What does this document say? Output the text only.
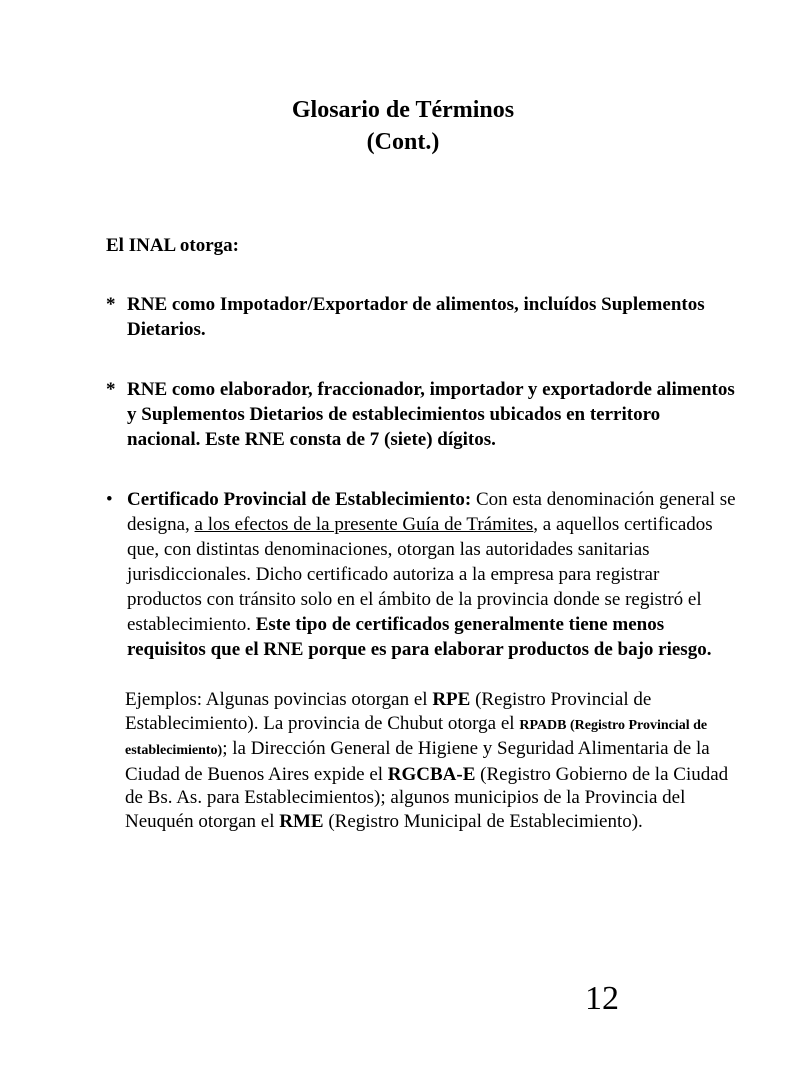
Glosario de Términos
(Cont.)
El INAL otorga:
* RNE como Impotador/Exportador de alimentos, incluídos Suplementos Dietarios.
* RNE como elaborador, fraccionador, importador y exportadorde alimentos y Suplementos Dietarios de establecimientos ubicados en territoro nacional. Este RNE consta de 7 (siete) dígitos.
• Certificado Provincial de Establecimiento: Con esta denominación general se designa, a los efectos de la presente Guía de Trámites, a aquellos certificados que, con distintas denominaciones, otorgan las autoridades sanitarias jurisdiccionales. Dicho certificado autoriza a la empresa para registrar productos con tránsito solo en el ámbito de la provincia donde se registró el establecimiento. Este tipo de certificados generalmente tiene menos requisitos que el RNE porque es para elaborar productos de bajo riesgo.
Ejemplos: Algunas povincias otorgan el RPE (Registro Provincial de Establecimiento). La provincia de Chubut otorga el RPADB (Registro Provincial de establecimiento); la Dirección General de Higiene y Seguridad Alimentaria de la Ciudad de Buenos Aires expide el RGCBA-E (Registro Gobierno de la Ciudad de Bs. As. para Establecimientos); algunos municipios de la Provincia del Neuquén otorgan el RME (Registro Municipal de Establecimiento).
12
